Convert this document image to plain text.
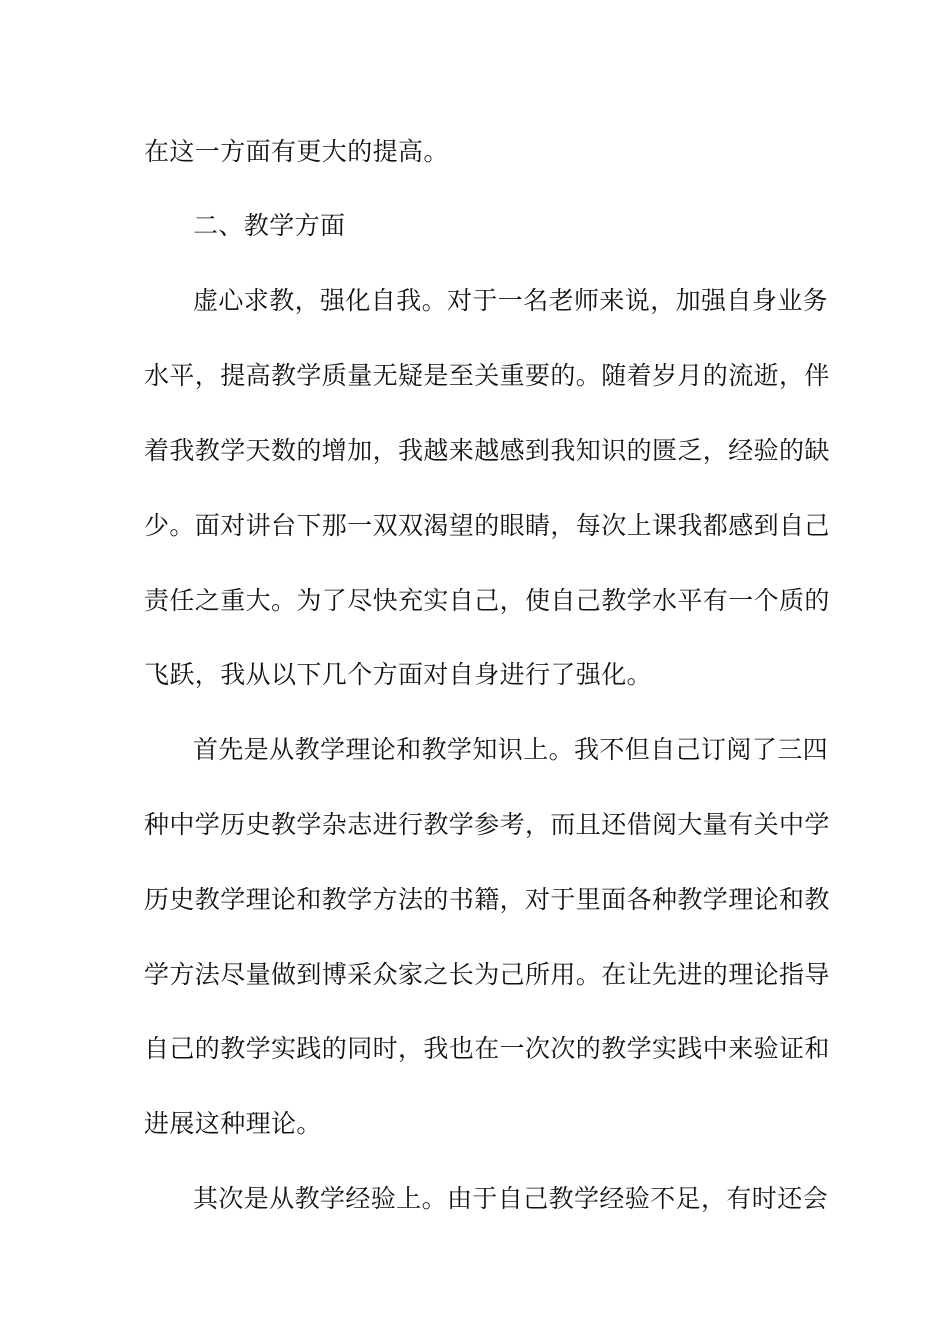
在这一方面有更大的提高。
二、教学方面
虚心求教，强化自我。对于一名老师来说，加强自身业务
水平，提高教学质量无疑是至关重要的。随着岁月的流逝，伴
着我教学天数的增加，我越来越感到我知识的匮乏，经验的缺
少。面对讲台下那一双双渴望的眼睛，每次上课我都感到自己
责任之重大。为了尽快充实自己，使自己教学水平有一个质的
飞跃，我从以下几个方面对自身进行了强化。
首先是从教学理论和教学知识上。我不但自己订阅了三四
种中学历史教学杂志进行教学参考，而且还借阅大量有关中学
历史教学理论和教学方法的书籍，对于里面各种教学理论和教
学方法尽量做到博采众家之长为己所用。在让先进的理论指导
自己的教学实践的同时，我也在一次次的教学实践中来验证和
进展这种理论。
其次是从教学经验上。由于自己教学经验不足，有时还会
